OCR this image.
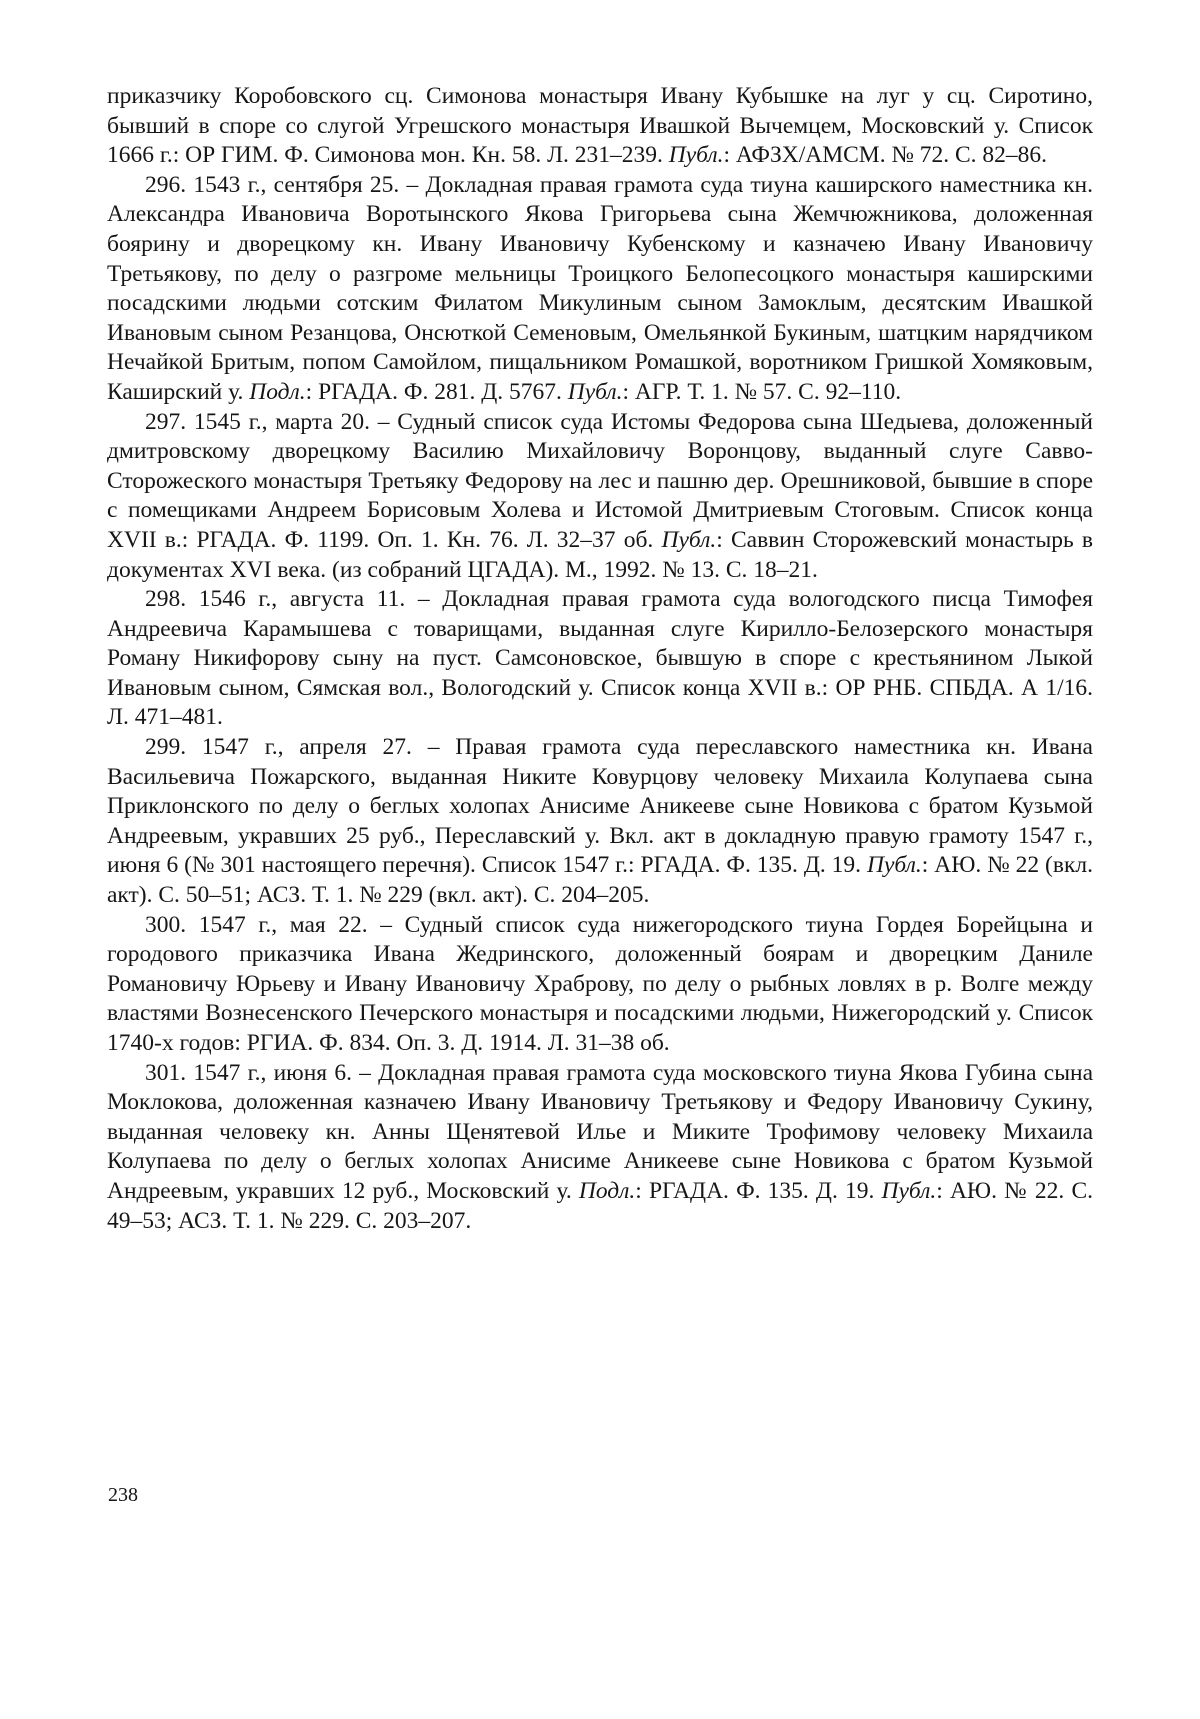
приказчику Коробовского сц. Симонова монастыря Ивану Кубышке на луг у сц. Сиротино, бывший в споре со слугой Угрешского монастыря Ивашкой Вычемцем, Московский у. Список 1666 г.: ОР ГИМ. Ф. Симонова мон. Кн. 58. Л. 231–239. Публ.: АФЗХ/АМСМ. № 72. С. 82–86.

296. 1543 г., сентября 25. – Докладная правая грамота суда тиуна каширского наместника кн. Александра Ивановича Воротынского Якова Григорьева сына Жемчюжникова, доложенная боярину и дворецкому кн. Ивану Ивановичу Кубенскому и казначею Ивану Ивановичу Третьякову, по делу о разгроме мельницы Троицкого Белопесоцкого монастыря каширскими посадскими людьми сотским Филатом Микулиным сыном Замоклым, десятским Ивашкой Ивановым сыном Резанцова, Онсюткой Семеновым, Омельянкой Букиным, шатцким нарядчиком Нечайкой Бритым, попом Самойлом, пищальником Ромашкой, воротником Гришкой Хомяковым, Каширский у. Подл.: РГАДА. Ф. 281. Д. 5767. Публ.: АГР. Т. 1. № 57. С. 92–110.

297. 1545 г., марта 20. – Судный список суда Истомы Федорова сына Шедыева, доложенный дмитровскому дворецкому Василию Михайловичу Воронцову, выданный слуге Савво-Сторожеского монастыря Третьяку Федорову на лес и пашню дер. Орешниковой, бывшие в споре с помещиками Андреем Борисовым Холева и Истомой Дмитриевым Стоговым. Список конца XVII в.: РГАДА. Ф. 1199. Оп. 1. Кн. 76. Л. 32–37 об. Публ.: Саввин Сторожевский монастырь в документах XVI века. (из собраний ЦГАДА). М., 1992. № 13. С. 18–21.

298. 1546 г., августа 11. – Докладная правая грамота суда вологодского писца Тимофея Андреевича Карамышева с товарищами, выданная слуге Кирилло-Белозерского монастыря Роману Никифорову сыну на пуст. Самсоновское, бывшую в споре с крестьянином Лыкой Ивановым сыном, Сямская вол., Вологодский у. Список конца XVII в.: ОР РНБ. СПБДА. А 1/16. Л. 471–481.

299. 1547 г., апреля 27. – Правая грамота суда переславского наместника кн. Ивана Васильевича Пожарского, выданная Никите Ковурцову человеку Михаила Колупаева сына Приклонского по делу о беглых холопах Анисиме Аникееве сыне Новикова с братом Кузьмой Андреевым, укравших 25 руб., Переславский у. Вкл. акт в докладную правую грамоту 1547 г., июня 6 (№ 301 настоящего перечня). Список 1547 г.: РГАДА. Ф. 135. Д. 19. Публ.: АЮ. № 22 (вкл. акт). С. 50–51; АСЗ. Т. 1. № 229 (вкл. акт). С. 204–205.

300. 1547 г., мая 22. – Судный список суда нижегородского тиуна Гордея Борейцына и городового приказчика Ивана Жедринского, доложенный боярам и дворецким Даниле Романовичу Юрьеву и Ивану Ивановичу Храброву, по делу о рыбных ловлях в р. Волге между властями Вознесенского Печерского монастыря и посадскими людьми, Нижегородский у. Список 1740-х годов: РГИА. Ф. 834. Оп. 3. Д. 1914. Л. 31–38 об.

301. 1547 г., июня 6. – Докладная правая грамота суда московского тиуна Якова Губина сына Моклокова, доложенная казначею Ивану Ивановичу Третьякову и Федору Ивановичу Сукину, выданная человеку кн. Анны Щенятевой Илье и Миките Трофимову человеку Михаила Колупаева по делу о беглых холопах Анисиме Аникееве сыне Новикова с братом Кузьмой Андреевым, укравших 12 руб., Московский у. Подл.: РГАДА. Ф. 135. Д. 19. Публ.: АЮ. № 22. С. 49–53; АСЗ. Т. 1. № 229. С. 203–207.

238
